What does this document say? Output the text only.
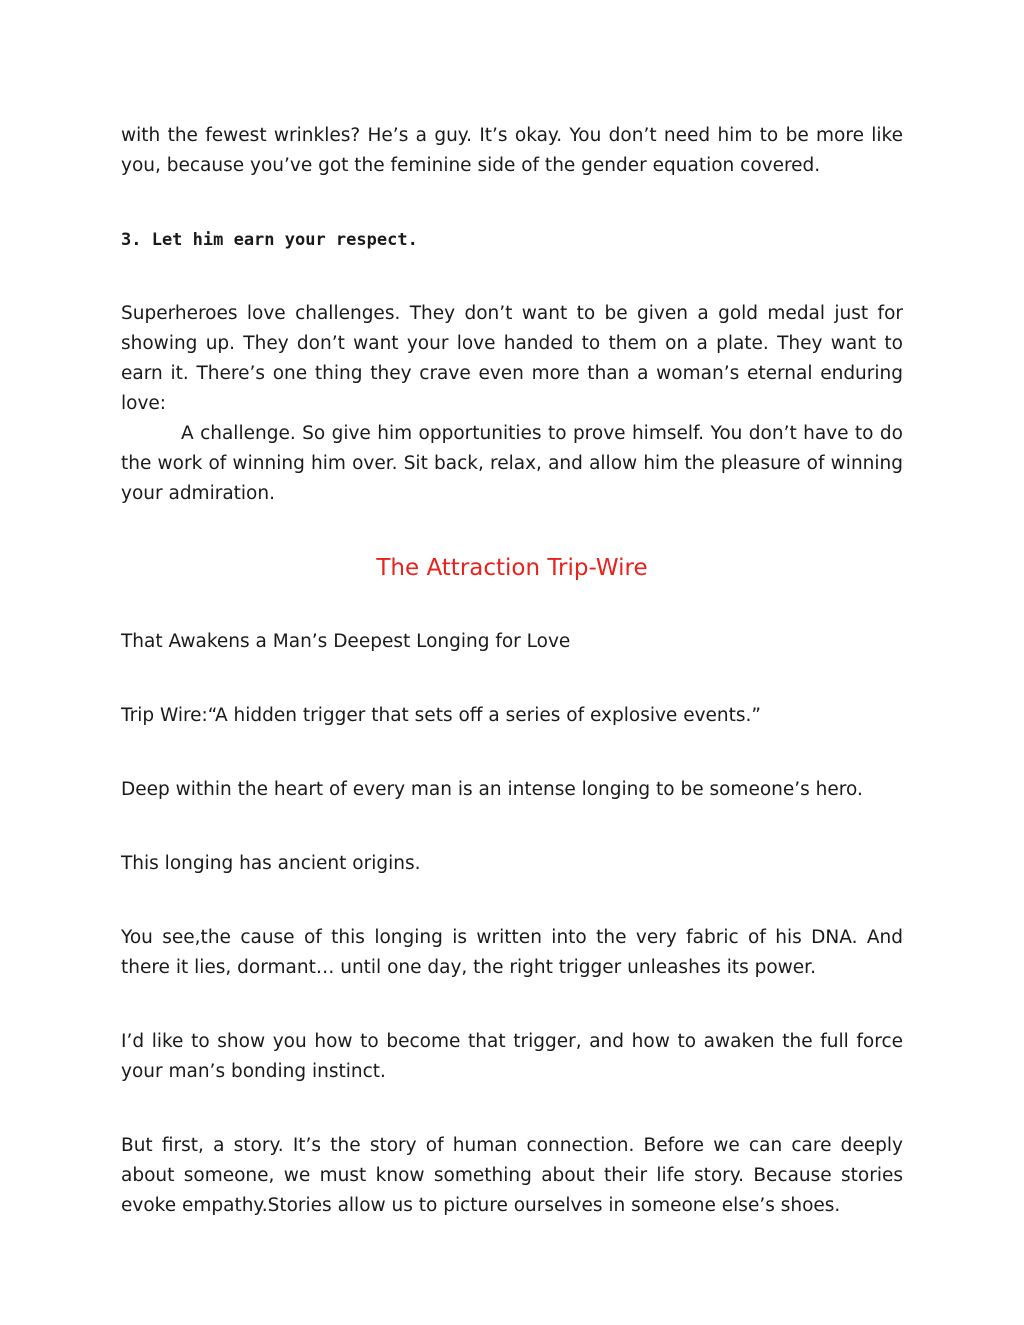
with the fewest wrinkles? He’s a guy. It’s okay. You don’t need him to be more like
you, because you’ve got the feminine side of the gender equation covered.

3. Let him earn your respect.

Superheroes love challenges. They don’t want to be given a gold medal just for showing up. They don’t want your love handed to them on a plate. They want to earn it. There’s one thing they crave even more than a woman’s eternal enduring love:
A challenge. So give him opportunities to prove himself. You don’t have to do the work of winning him over. Sit back, relax, and allow him the pleasure of winning your admiration.

The Attraction Trip-Wire

That Awakens a Man’s Deepest Longing for Love

Trip Wire:“A hidden trigger that sets off a series of explosive events.”

Deep within the heart of every man is an intense longing to be someone’s hero.

This longing has ancient origins.

You see,the cause of this longing is written into the very fabric of his DNA. And there it lies, dormant… until one day, the right trigger unleashes its power.

I’d like to show you how to become that trigger, and how to awaken the full force your man’s bonding instinct.

But first, a story. It’s the story of human connection. Before we can care deeply about someone, we must know something about their life story. Because stories evoke empathy.Stories allow us to picture ourselves in someone else’s shoes.
